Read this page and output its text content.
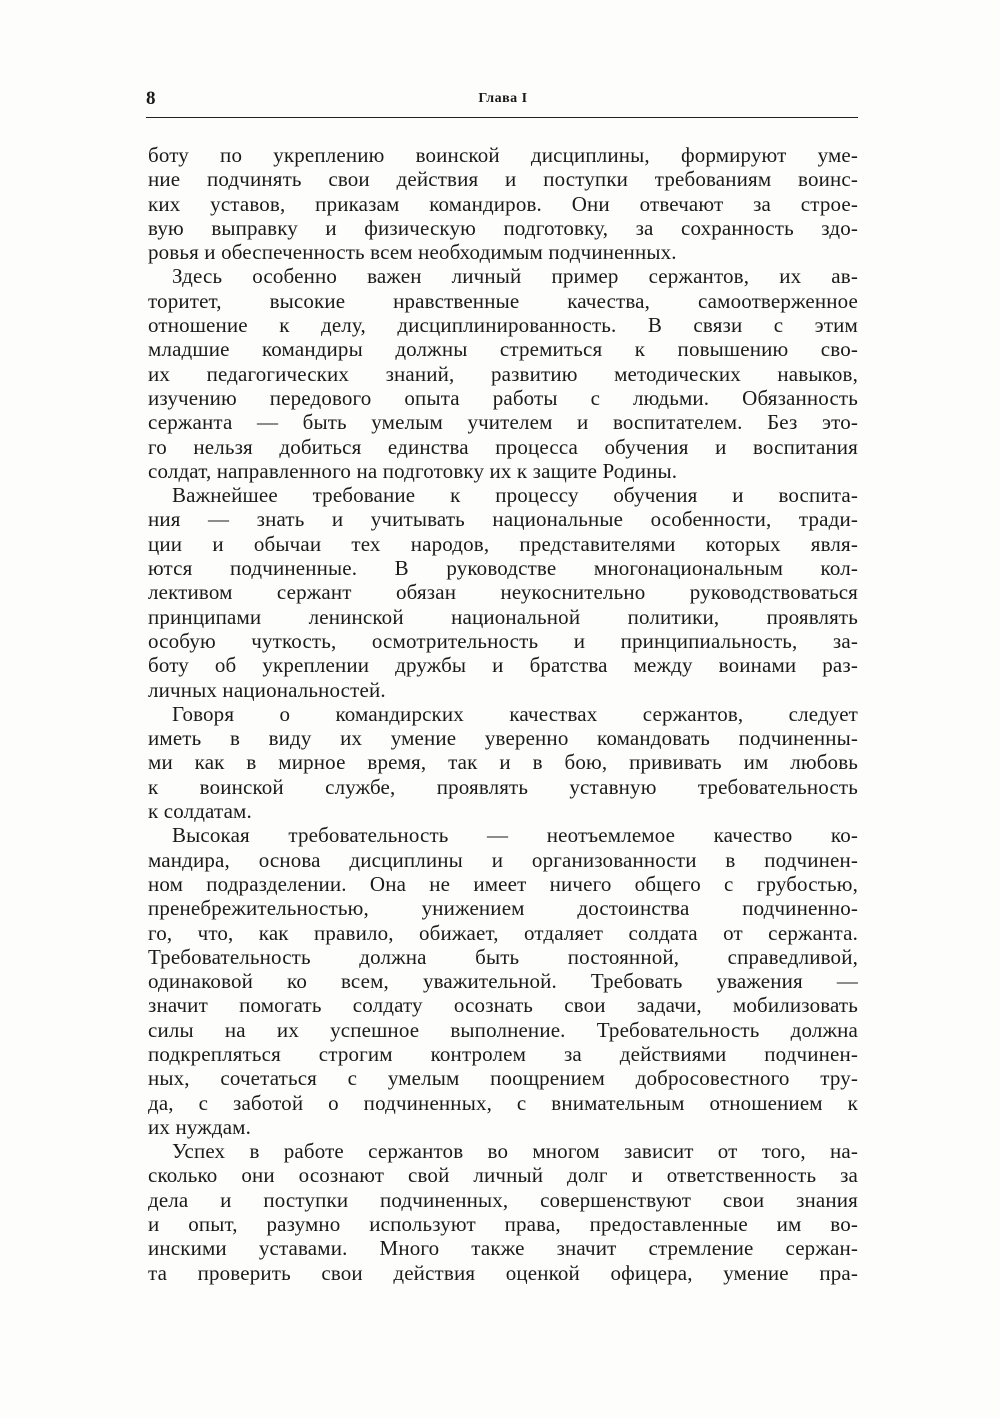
8	Глава I
боту по укреплению воинской дисциплины, формируют уме-
ние подчинять свои действия и поступки требованиям воинс-
ких уставов, приказам командиров. Они отвечают за строе-
вую выправку и физическую подготовку, за сохранность здо-
ровья и обеспеченность всем необходимым подчиненных.
Здесь особенно важен личный пример сержантов, их ав-
торитет, высокие нравственные качества, самоотверженное
отношение к делу, дисциплинированность. В связи с этим
младшие командиры должны стремиться к повышению сво-
их педагогических знаний, развитию методических навыков,
изучению передового опыта работы с людьми. Обязанность
сержанта — быть умелым учителем и воспитателем. Без это-
го нельзя добиться единства процесса обучения и воспитания
солдат, направленного на подготовку их к защите Родины.
Важнейшее требование к процессу обучения и воспита-
ния — знать и учитывать национальные особенности, тради-
ции и обычаи тех народов, представителями которых явля-
ются подчиненные. В руководстве многонациональным кол-
лективом сержант обязан неукоснительно руководствоваться
принципами ленинской национальной политики, проявлять
особую чуткость, осмотрительность и принципиальность, за-
боту об укреплении дружбы и братства между воинами раз-
личных национальностей.
Говоря о командирских качествах сержантов, следует
иметь в виду их умение уверенно командовать подчиненны-
ми как в мирное время, так и в бою, прививать им любовь
к воинской службе, проявлять уставную требовательность
к солдатам.
Высокая требовательность — неотъемлемое качество ко-
мандира, основа дисциплины и организованности в подчинен-
ном подразделении. Она не имеет ничего общего с грубостью,
пренебрежительностью, унижением достоинства подчиненно-
го, что, как правило, обижает, отдаляет солдата от сержанта.
Требовательность должна быть постоянной, справедливой,
одинаковой ко всем, уважительной. Требовать уважения —
значит помогать солдату осознать свои задачи, мобилизовать
силы на их успешное выполнение. Требовательность должна
подкрепляться строгим контролем за действиями подчинен-
ных, сочетаться с умелым поощрением добросовестного тру-
да, с заботой о подчиненных, с внимательным отношением к
их нуждам.
Успех в работе сержантов во многом зависит от того, на-
сколько они осознают свой личный долг и ответственность за
дела и поступки подчиненных, совершенствуют свои знания
и опыт, разумно используют права, предоставленные им во-
инскими уставами. Много также значит стремление сержан-
та проверить свои действия оценкой офицера, умение пра-
